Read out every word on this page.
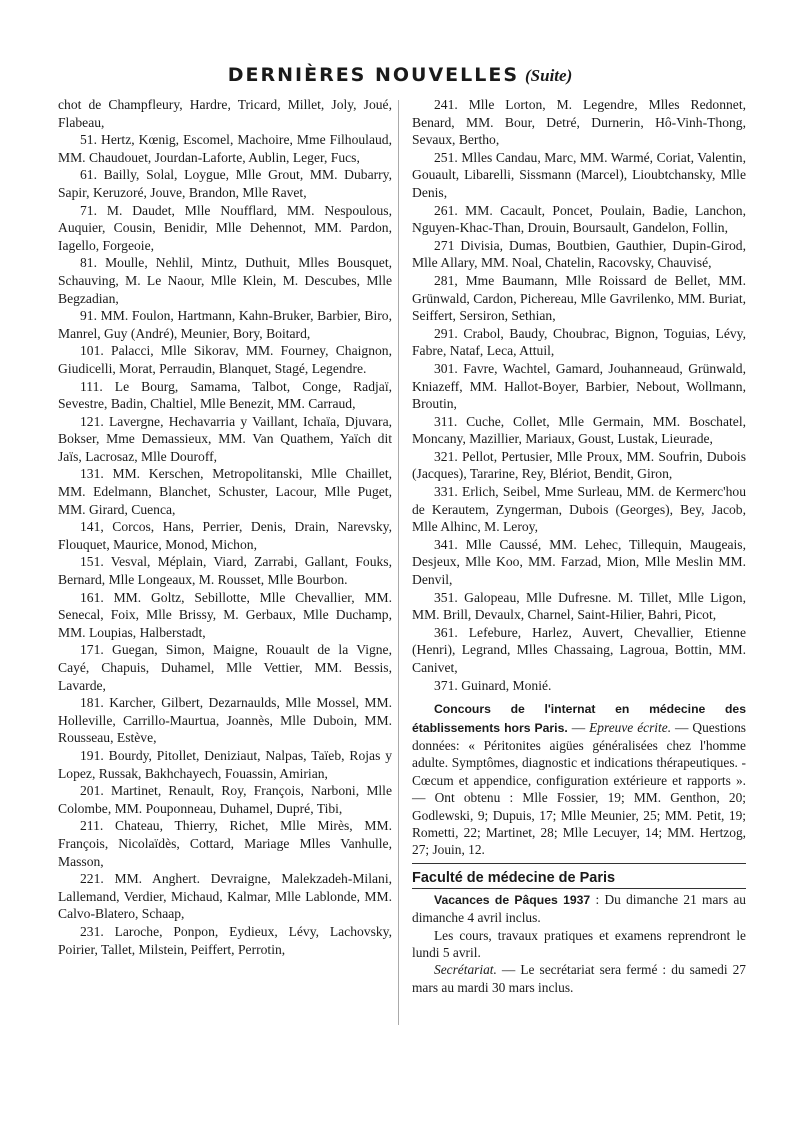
DERNIÈRES NOUVELLES (Suite)

chot de Champfleury, Hardre, Tricard, Millet, Joly, Joué, Flabeau,

51. Hertz, Kœnig, Escomel, Machoire, Mme Filhoulaud, MM. Chaudouet, Jourdan-Laforte, Aublin, Leger, Fucs,

61. Bailly, Solal, Loygue, Mlle Grout, MM. Dubarry, Sapir, Keruzoré, Jouve, Brandon, Mlle Ravet,

71. M. Daudet, Mlle Noufflard, MM. Nespoulous, Auquier, Cousin, Benidir, Mlle Dehennot, MM. Pardon, Iagello, Forgeoie,

81. Moulle, Nehlil, Mintz, Duthuit, Mlles Bousquet, Schauving, M. Le Naour, Mlle Klein, M. Descubes, Mlle Begzadian,

91. MM. Foulon, Hartmann, Kahn-Bruker, Barbier, Biro, Manrel, Guy (André), Meunier, Bory, Boitard,

101. Palacci, Mlle Sikorav, MM. Fourney, Chaignon, Giudicelli, Morat, Perraudin, Blanquet, Stagé, Legendre.

111. Le Bourg, Samama, Talbot, Conge, Radjaï, Sevestre, Badin, Chaltiel, Mlle Benezit, MM. Carraud,

121. Lavergne, Hechavarria y Vaillant, Ichaïa, Djuvara, Bokser, Mme Demassieux, MM. Van Quathem, Yaïch dit Jaïs, Lacrosaz, Mlle Douroff,

131. MM. Kerschen, Metropolitanski, Mlle Chaillet, MM. Edelmann, Blanchet, Schuster, Lacour, Mlle Puget, MM. Girard, Cuenca,

141, Corcos, Hans, Perrier, Denis, Drain, Narevsky, Flouquet, Maurice, Monod, Michon,

151. Vesval, Méplain, Viard, Zarrabi, Gallant, Fouks, Bernard, Mlle Longeaux, M. Rousset, Mlle Bourbon.

161. MM. Goltz, Sebillotte, Mlle Chevallier, MM. Senecal, Foix, Mlle Brissy, M. Gerbaux, Mlle Duchamp, MM. Loupias, Halberstadt,

171. Guegan, Simon, Maigne, Rouault de la Vigne, Cayé, Chapuis, Duhamel, Mlle Vettier, MM. Bessis, Lavarde,

181. Karcher, Gilbert, Dezarnaulds, Mlle Mossel, MM. Holleville, Carrillo-Maurtua, Joannès, Mlle Duboin, MM. Rousseau, Estève,

191. Bourdy, Pitollet, Deniziaut, Nalpas, Taïeb, Rojas y Lopez, Russak, Bakhchayech, Fouassin, Amirian,

201. Martinet, Renault, Roy, François, Narboni, Mlle Colombe, MM. Pouponneau, Duhamel, Dupré, Tibi,

211. Chateau, Thierry, Richet, Mlle Mirès, MM. François, Nicolaïdès, Cottard, Mariage Mlles Vanhulle, Masson,

221. MM. Anghert. Devraigne, Malekzadeh-Milani, Lallemand, Verdier, Michaud, Kalmar, Mlle Lablonde, MM. Calvo-Blatero, Schaap,

231. Laroche, Ponpon, Eydieux, Lévy, Lachovsky, Poirier, Tallet, Milstein, Peiffert, Perrotin,

241. Mlle Lorton, M. Legendre, Mlles Redonnet, Benard, MM. Bour, Detré, Durnerin, Hô-Vinh-Thong, Sevaux, Bertho,

251. Mlles Candau, Marc, MM. Warmé, Coriat, Valentin, Gouault, Libarelli, Sissmann (Marcel), Lioubtchansky, Mlle Denis,

261. MM. Cacault, Poncet, Poulain, Badie, Lanchon, Nguyen-Khac-Than, Drouin, Boursault, Gandelon, Follin,

271 Divisia, Dumas, Boutbien, Gauthier, Dupin-Girod, Mlle Allary, MM. Noal, Chatelin, Racovsky, Chauvisé,

281, Mme Baumann, Mlle Roissard de Bellet, MM. Grünwald, Cardon, Pichereau, Mlle Gavrilenko, MM. Buriat, Seiffert, Sersiron, Sethian,

291. Crabol, Baudy, Choubrac, Bignon, Toguias, Lévy, Fabre, Nataf, Leca, Attuil,

301. Favre, Wachtel, Gamard, Jouhanneaud, Grünwald, Kniazeff, MM. Hallot-Boyer, Barbier, Nebout, Wollmann, Broutin,

311. Cuche, Collet, Mlle Germain, MM. Boschatel, Moncany, Mazillier, Mariaux, Goust, Lustak, Lieurade,

321. Pellot, Pertusier, Mlle Proux, MM. Soufrin, Dubois (Jacques), Tararine, Rey, Blériot, Bendit, Giron,

331. Erlich, Seibel, Mme Surleau, MM. de Kermerc'hou de Kerautem, Zyngerman, Dubois (Georges), Bey, Jacob, Mlle Alhinc, M. Leroy,

341. Mlle Caussé, MM. Lehec, Tillequin, Maugeais, Desjeux, Mlle Koo, MM. Farzad, Mion, Mlle Meslin MM. Denvil,

351. Galopeau, Mlle Dufresne. M. Tillet, Mlle Ligon, MM. Brill, Devaulx, Charnel, Saint-Hilier, Bahri, Picot,

361. Lefebure, Harlez, Auvert, Chevallier, Etienne (Henri), Legrand, Mlles Chassaing, Lagroua, Bottin, MM. Canivet,

371. Guinard, Monié.

Concours de l'internat en médecine des établissements hors Paris. — Epreuve écrite. — Questions données: « Péritonites aigües généralisées chez l'homme adulte. Symptômes, diagnostic et indications thérapeutiques. - Cœcum et appendice, configuration extérieure et rapports ». — Ont obtenu : Mlle Fossier, 19; MM. Genthon, 20; Godlewski, 9; Dupuis, 17; Mlle Meunier, 25; MM. Petit, 19; Rometti, 22; Martinet, 28; Mlle Lecuyer, 14; MM. Hertzog, 27; Jouin, 12.

Faculté de médecine de Paris

Vacances de Pâques 1937 : Du dimanche 21 mars au dimanche 4 avril inclus.

Les cours, travaux pratiques et examens reprendront le lundi 5 avril.

Secrétariat. — Le secrétariat sera fermé : du samedi 27 mars au mardi 30 mars inclus.
